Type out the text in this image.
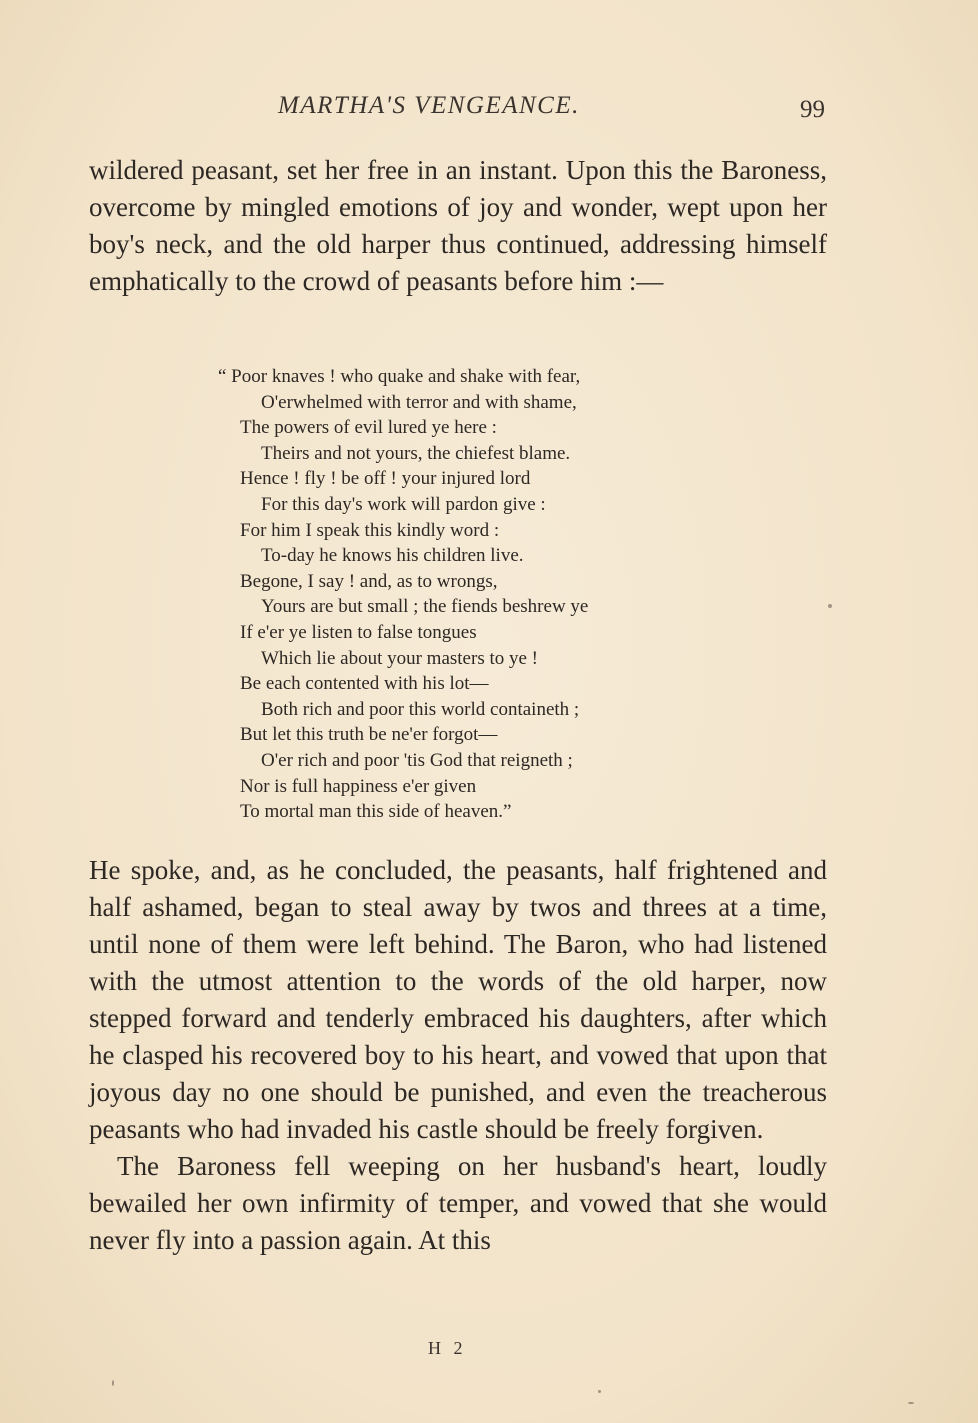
MARTHA'S VENGEANCE.	99

wildered peasant, set her free in an instant. Upon this the Baroness, overcome by mingled emotions of joy and wonder, wept upon her boy's neck, and the old harper thus continued, addressing himself emphatically to the crowd of peasants before him :—

“ Poor knaves ! who quake and shake with fear,
O'erwhelmed with terror and with shame,
The powers of evil lured ye here :
Theirs and not yours, the chiefest blame.
Hence ! fly ! be off ! your injured lord
For this day's work will pardon give :
For him I speak this kindly word :
To-day he knows his children live.
Begone, I say ! and, as to wrongs,
Yours are but small ; the fiends beshrew ye
If e'er ye listen to false tongues
Which lie about your masters to ye !
Be each contented with his lot—
Both rich and poor this world containeth ;
But let this truth be ne'er forgot—
O'er rich and poor 'tis God that reigneth ;
Nor is full happiness e'er given
To mortal man this side of heaven.”

He spoke, and, as he concluded, the peasants, half frightened and half ashamed, began to steal away by twos and threes at a time, until none of them were left behind. The Baron, who had listened with the utmost attention to the words of the old harper, now stepped forward and tenderly embraced his daughters, after which he clasped his recovered boy to his heart, and vowed that upon that joyous day no one should be punished, and even the treacherous peasants who had invaded his castle should be freely forgiven.

The Baroness fell weeping on her husband's heart, loudly bewailed her own infirmity of temper, and vowed that she would never fly into a passion again. At this

H 2
